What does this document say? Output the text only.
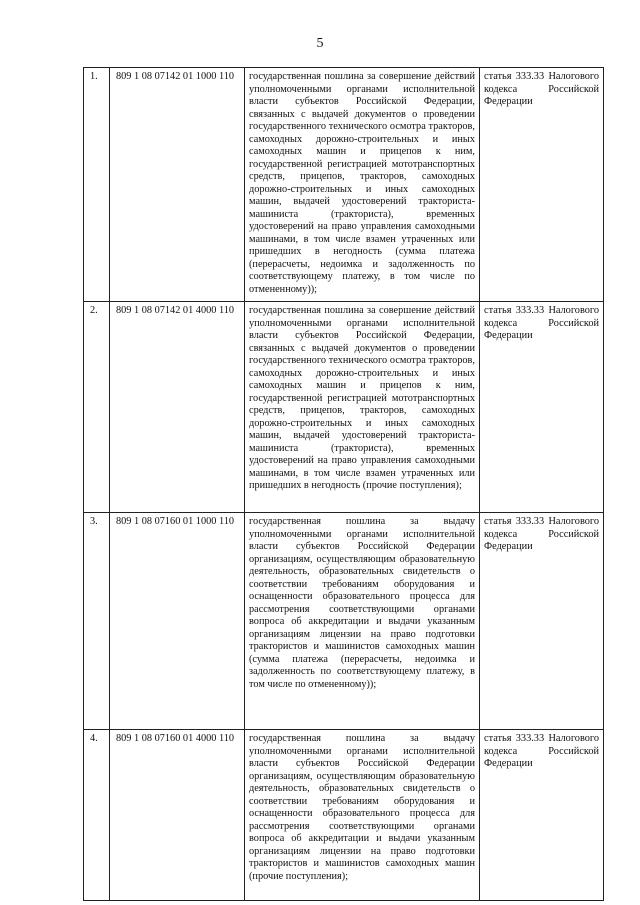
5
1.	809 1 08 07142 01 1000 110	государственная пошлина за совершение действий уполномоченными органами исполнительной власти субъектов Российской Федерации, связанных с выдачей документов о проведении государственного технического осмотра тракторов, самоходных дорожно-строительных и иных самоходных машин и прицепов к ним, государственной регистрацией мототранспортных средств, прицепов, тракторов, самоходных дорожно-строительных и иных самоходных машин, выдачей удостоверений тракториста-машиниста (тракториста), временных удостоверений на право управления самоходными машинами, в том числе взамен утраченных или пришедших в негодность (сумма платежа (перерасчеты, недоимка и задолженность по соответствующему платежу, в том числе по отмененному));	статья 333.33 Налогового кодекса Российской Федерации
2.	809 1 08 07142 01 4000 110	государственная пошлина за совершение действий уполномоченными органами исполнительной власти субъектов Российской Федерации, связанных с выдачей документов о проведении государственного технического осмотра тракторов, самоходных дорожно-строительных и иных самоходных машин и прицепов к ним, государственной регистрацией мототранспортных средств, прицепов, тракторов, самоходных дорожно-строительных и иных самоходных машин, выдачей удостоверений тракториста-машиниста (тракториста), временных удостоверений на право управления самоходными машинами, в том числе взамен утраченных или пришедших в негодность (прочие поступления);	статья 333.33 Налогового кодекса Российской Федерации
3.	809 1 08 07160 01 1000 110	государственная пошлина за выдачу уполномоченными органами исполнительной власти субъектов Российской Федерации организациям, осуществляющим образовательную деятельность, образовательных свидетельств о соответствии требованиям оборудования и оснащенности образовательного процесса для рассмотрения соответствующими органами вопроса об аккредитации и выдачи указанным организациям лицензии на право подготовки трактористов и машинистов самоходных машин (сумма платежа (перерасчеты, недоимка и задолженность по соответствующему платежу, в том числе по отмененному));	статья 333.33 Налогового кодекса Российской Федерации
4.	809 1 08 07160 01 4000 110	государственная пошлина за выдачу уполномоченными органами исполнительной власти субъектов Российской Федерации организациям, осуществляющим образовательную деятельность, образовательных свидетельств о соответствии требованиям оборудования и оснащенности образовательного процесса для рассмотрения соответствующими органами вопроса об аккредитации и выдачи указанным организациям лицензии на право подготовки трактористов и машинистов самоходных машин (прочие поступления);	статья 333.33 Налогового кодекса Российской Федерации
